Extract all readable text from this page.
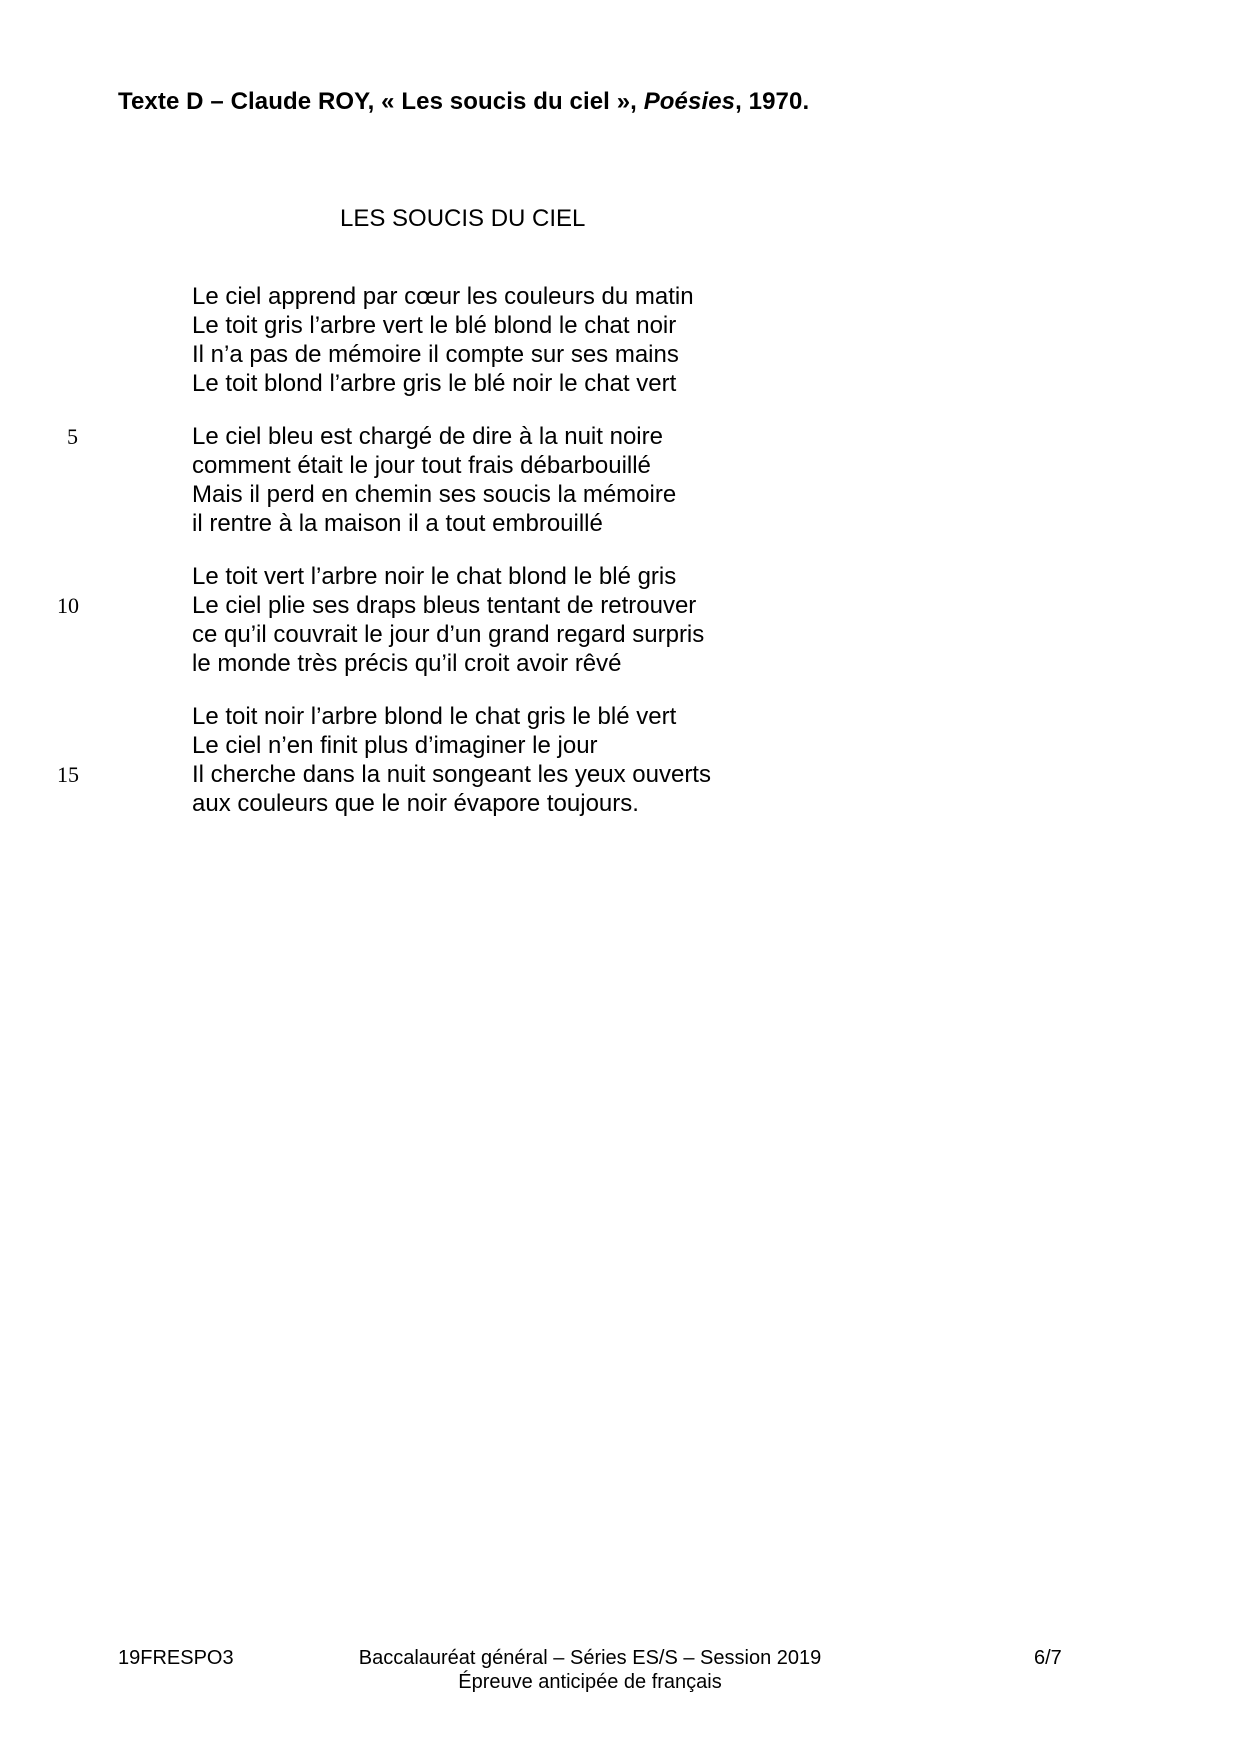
Texte D – Claude ROY, « Les soucis du ciel », Poésies, 1970.
LES SOUCIS DU CIEL
Le ciel apprend par cœur les couleurs du matin
Le toit gris l’arbre vert le blé blond le chat noir
Il n’a pas de mémoire il compte sur ses mains
Le toit blond l’arbre gris le blé noir le chat vert
Le ciel bleu est chargé de dire à la nuit noire
comment était le jour tout frais débarbouillé
Mais il perd en chemin ses soucis la mémoire
il rentre à la maison il a tout embrouillé
Le toit vert l’arbre noir le chat blond le blé gris
Le ciel plie ses draps bleus tentant de retrouver
ce qu’il couvrait le jour d’un grand regard surpris
le monde très précis qu’il croit avoir rêvé
Le toit noir l’arbre blond le chat gris le blé vert
Le ciel n’en finit plus d’imaginer le jour
Il cherche dans la nuit songeant les yeux ouverts
aux couleurs que le noir évapore toujours.
5
10
15
19FRESPO3	Baccalauréat général – Séries ES/S – Session 2019
Épreuve anticipée de français
6/7
